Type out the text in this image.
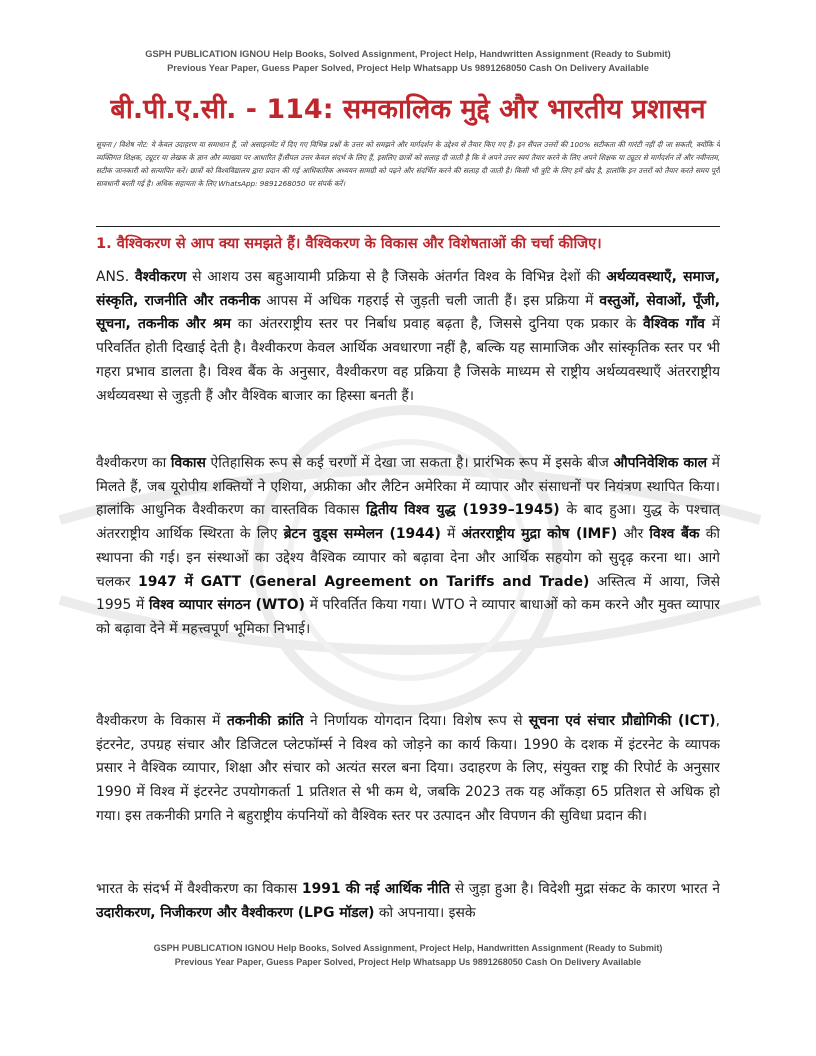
GSPH PUBLICATION IGNOU Help Books, Solved Assignment, Project Help, Handwritten Assignment (Ready to Submit)
Previous Year Paper, Guess Paper Solved, Project Help Whatsapp Us 9891268050 Cash On Delivery Available
बी.पी.ए.सी. - 114: समकालिक मुद्दे और भारतीय प्रशासन
सूचना / विशेष नोट: ये केवल उदाहरण या समाधान हैं, जो असाइनमेंट में दिए गए विभिन्न प्रश्नों के उत्तर को समझने और मार्गदर्शन के उद्देश्य से तैयार किए गए हैं। इन सैंपल उत्तरों की 100% सटीकता की गारंटी नहीं दी जा सकती, क्योंकि ये व्यक्तिगत शिक्षक, ट्यूटर या लेखक के ज्ञान और व्याख्या पर आधारित हैं।सैंपल उत्तर केवल संदर्भ के लिए हैं, इसलिए छात्रों को सलाह दी जाती है कि वे अपने उत्तर स्वयं तैयार करने के लिए अपने शिक्षक या ट्यूटर से मार्गदर्शन लें और नवीनतम, सटीक जानकारी को सत्यापित करें। छात्रों को विश्वविद्यालय द्वारा प्रदान की गई आधिकारिक अध्ययन सामग्री को पढ़ने और संदर्भित करने की सलाह दी जाती है। किसी भी त्रुटि के लिए हमें खेद है, हालांकि इन उत्तरों को तैयार करते समय पूरी सावधानी बरती गई है। अधिक सहायता के लिए WhatsApp: 9891268050 पर संपर्क करें।
1. वैश्विकरण से आप क्या समझते हैं। वैश्विकरण के विकास और विशेषताओं की चर्चा कीजिए।
ANS. वैश्वीकरण से आशय उस बहुआयामी प्रक्रिया से है जिसके अंतर्गत विश्व के विभिन्न देशों की अर्थव्यवस्थाएँ, समाज, संस्कृति, राजनीति और तकनीक आपस में अधिक गहराई से जुड़ती चली जाती हैं। इस प्रक्रिया में वस्तुओं, सेवाओं, पूँजी, सूचना, तकनीक और श्रम का अंतरराष्ट्रीय स्तर पर निर्बाध प्रवाह बढ़ता है, जिससे दुनिया एक प्रकार के वैश्विक गाँव में परिवर्तित होती दिखाई देती है। वैश्वीकरण केवल आर्थिक अवधारणा नहीं है, बल्कि यह सामाजिक और सांस्कृतिक स्तर पर भी गहरा प्रभाव डालता है। विश्व बैंक के अनुसार, वैश्वीकरण वह प्रक्रिया है जिसके माध्यम से राष्ट्रीय अर्थव्यवस्थाएँ अंतरराष्ट्रीय अर्थव्यवस्था से जुड़ती हैं और वैश्विक बाजार का हिस्सा बनती हैं।
वैश्वीकरण का विकास ऐतिहासिक रूप से कई चरणों में देखा जा सकता है। प्रारंभिक रूप में इसके बीज औपनिवेशिक काल में मिलते हैं, जब यूरोपीय शक्तियों ने एशिया, अफ्रीका और लैटिन अमेरिका में व्यापार और संसाधनों पर नियंत्रण स्थापित किया। हालांकि आधुनिक वैश्वीकरण का वास्तविक विकास द्वितीय विश्व युद्ध (1939–1945) के बाद हुआ। युद्ध के पश्चात् अंतरराष्ट्रीय आर्थिक स्थिरता के लिए ब्रेटन वुड्स सम्मेलन (1944) में अंतरराष्ट्रीय मुद्रा कोष (IMF) और विश्व बैंक की स्थापना की गई। इन संस्थाओं का उद्देश्य वैश्विक व्यापार को बढ़ावा देना और आर्थिक सहयोग को सुदृढ़ करना था। आगे चलकर 1947 में GATT (General Agreement on Tariffs and Trade) अस्तित्व में आया, जिसे 1995 में विश्व व्यापार संगठन (WTO) में परिवर्तित किया गया। WTO ने व्यापार बाधाओं को कम करने और मुक्त व्यापार को बढ़ावा देने में महत्त्वपूर्ण भूमिका निभाई।
वैश्वीकरण के विकास में तकनीकी क्रांति ने निर्णायक योगदान दिया। विशेष रूप से सूचना एवं संचार प्रौद्योगिकी (ICT), इंटरनेट, उपग्रह संचार और डिजिटल प्लेटफॉर्म्स ने विश्व को जोड़ने का कार्य किया। 1990 के दशक में इंटरनेट के व्यापक प्रसार ने वैश्विक व्यापार, शिक्षा और संचार को अत्यंत सरल बना दिया। उदाहरण के लिए, संयुक्त राष्ट्र की रिपोर्ट के अनुसार 1990 में विश्व में इंटरनेट उपयोगकर्ता 1 प्रतिशत से भी कम थे, जबकि 2023 तक यह आँकड़ा 65 प्रतिशत से अधिक हो गया। इस तकनीकी प्रगति ने बहुराष्ट्रीय कंपनियों को वैश्विक स्तर पर उत्पादन और विपणन की सुविधा प्रदान की।
भारत के संदर्भ में वैश्वीकरण का विकास 1991 की नई आर्थिक नीति से जुड़ा हुआ है। विदेशी मुद्रा संकट के कारण भारत ने उदारीकरण, निजीकरण और वैश्वीकरण (LPG मॉडल) को अपनाया। इसके
GSPH PUBLICATION IGNOU Help Books, Solved Assignment, Project Help, Handwritten Assignment (Ready to Submit)
Previous Year Paper, Guess Paper Solved, Project Help Whatsapp Us 9891268050 Cash On Delivery Available
